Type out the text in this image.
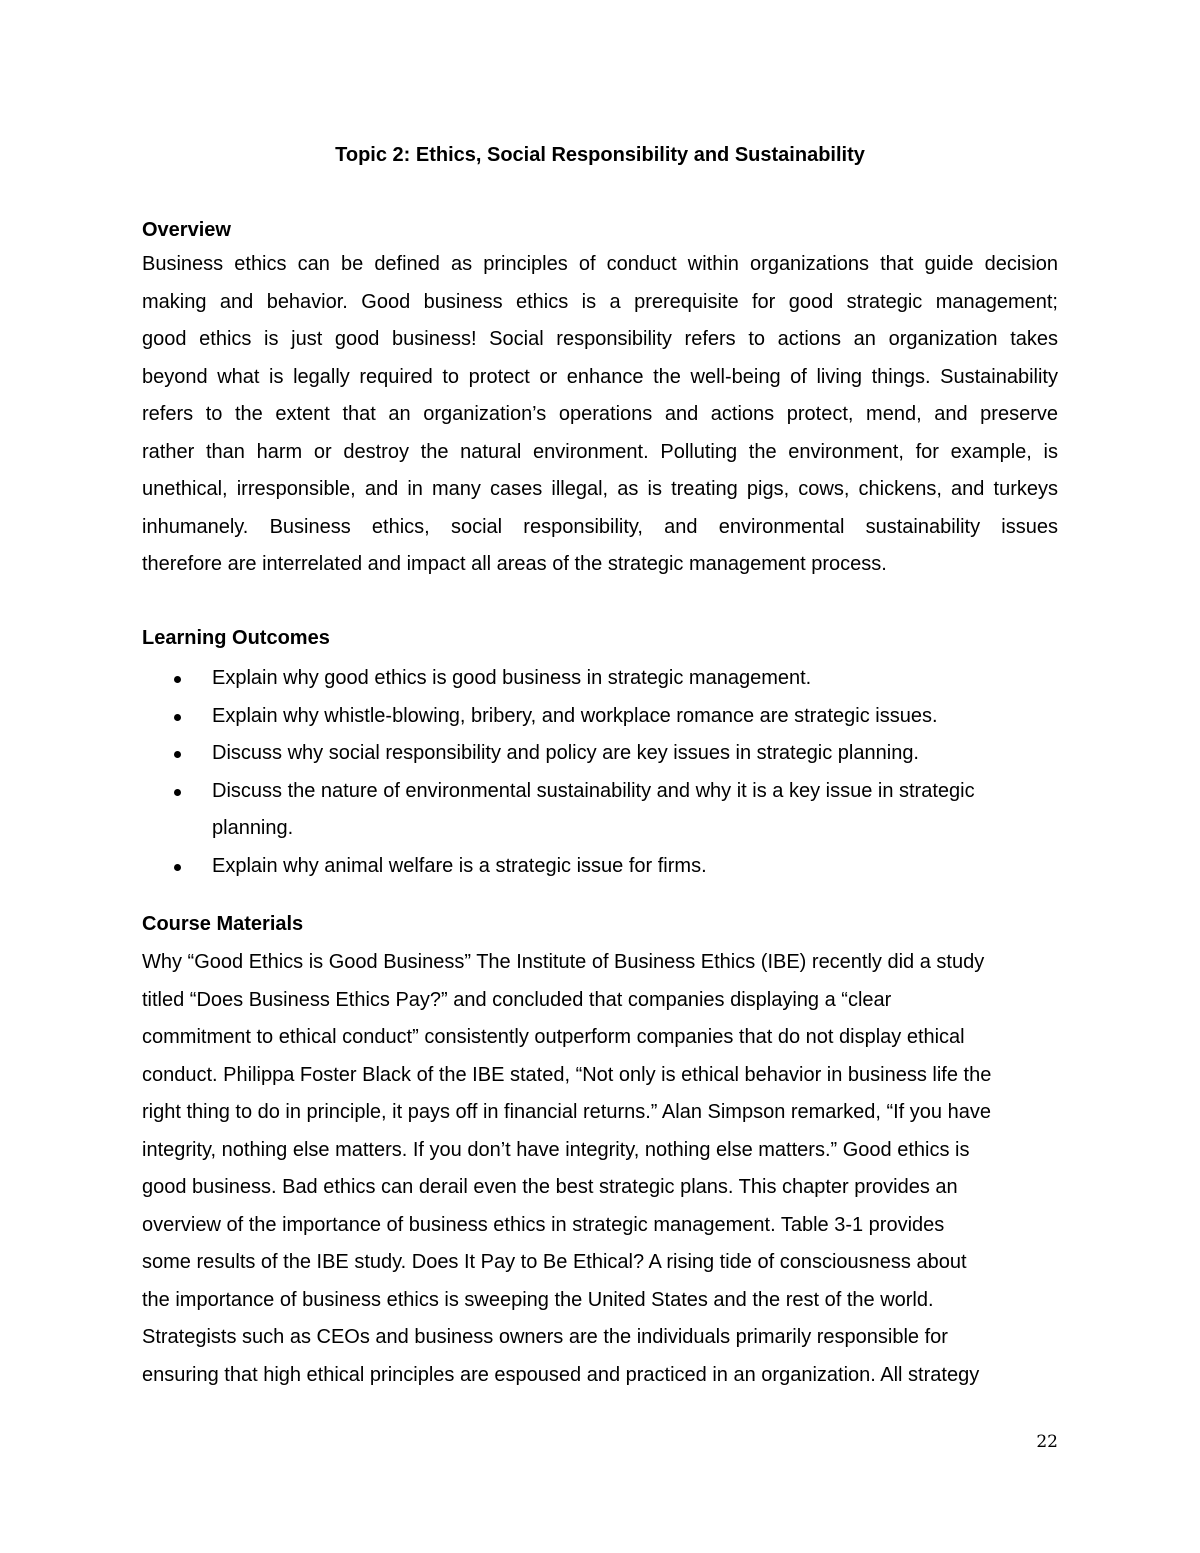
Topic 2: Ethics, Social Responsibility and Sustainability
Overview
Business ethics can be defined as principles of conduct within organizations that guide decision
making and behavior. Good business ethics is a prerequisite for good strategic management;
good ethics is just good business! Social responsibility refers to actions an organization takes
beyond what is legally required to protect or enhance the well-being of living things. Sustainability
refers to the extent that an organization’s operations and actions protect, mend, and preserve
rather than harm or destroy the natural environment. Polluting the environment, for example, is
unethical, irresponsible, and in many cases illegal, as is treating pigs, cows, chickens, and turkeys
inhumanely. Business ethics, social responsibility, and environmental sustainability issues
therefore are interrelated and impact all areas of the strategic management process.
Learning Outcomes
Explain why good ethics is good business in strategic management.
Explain why whistle-blowing, bribery, and workplace romance are strategic issues.
Discuss why social responsibility and policy are key issues in strategic planning.
Discuss the nature of environmental sustainability and why it is a key issue in strategic
planning.
Explain why animal welfare is a strategic issue for firms.
Course Materials
Why “Good Ethics is Good Business” The Institute of Business Ethics (IBE) recently did a study
titled “Does Business Ethics Pay?” and concluded that companies displaying a “clear
commitment to ethical conduct” consistently outperform companies that do not display ethical
conduct. Philippa Foster Black of the IBE stated, “Not only is ethical behavior in business life the
right thing to do in principle, it pays off in financial returns.” Alan Simpson remarked, “If you have
integrity, nothing else matters. If you don’t have integrity, nothing else matters.” Good ethics is
good business. Bad ethics can derail even the best strategic plans. This chapter provides an
overview of the importance of business ethics in strategic management. Table 3-1 provides
some results of the IBE study. Does It Pay to Be Ethical? A rising tide of consciousness about
the importance of business ethics is sweeping the United States and the rest of the world.
Strategists such as CEOs and business owners are the individuals primarily responsible for
ensuring that high ethical principles are espoused and practiced in an organization. All strategy
22
